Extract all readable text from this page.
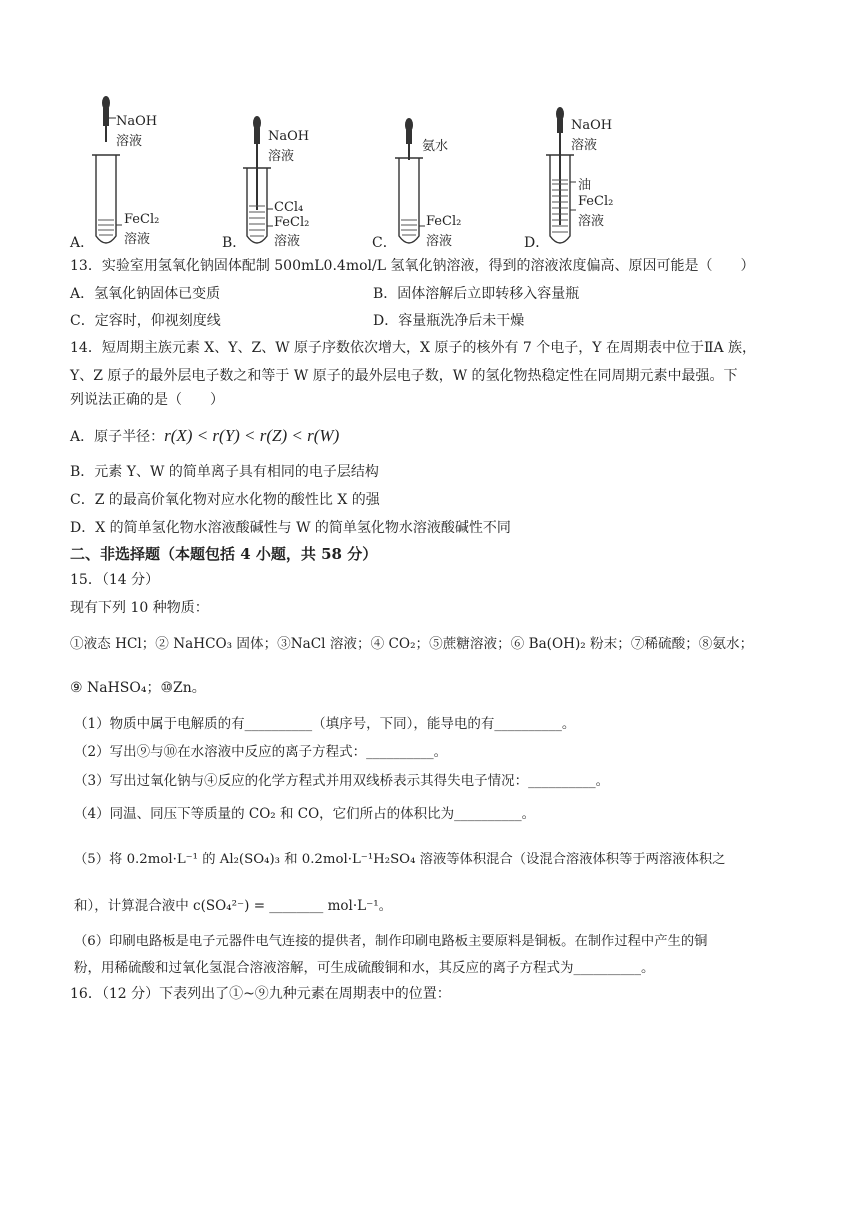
NaOH
溶液
FeCl₂
溶液
NaOH
溶液
CCl₄
FeCl₂
溶液
氨水
FeCl₂
溶液
NaOH
溶液
油
FeCl₂
溶液
A．	B．	C．	D．
13．实验室用氢氧化钠固体配制 500mL0.4mol/L 氢氧化钠溶液，得到的溶液浓度偏高、原因可能是（　　）
A．氢氧化钠固体已变质	B．固体溶解后立即转移入容量瓶
C．定容时，仰视刻度线	D．容量瓶洗净后未干燥
14．短周期主族元素 X、Y、Z、W 原子序数依次增大，X 原子的核外有 7 个电子，Y 在周期表中位于ⅡA 族，
Y、Z 原子的最外层电子数之和等于 W 原子的最外层电子数，W 的氢化物热稳定性在同周期元素中最强。下
列说法正确的是（　　）
A．原子半径：r(X) < r(Y) < r(Z) < r(W)
B．元素 Y、W 的简单离子具有相同的电子层结构
C．Z 的最高价氧化物对应水化物的酸性比 X 的强
D．X 的简单氢化物水溶液酸碱性与 W 的简单氢化物水溶液酸碱性不同
二、非选择题（本题包括 4 小题，共 58 分）
15．（14 分）
现有下列 10 种物质：
①液态 HCl；② NaHCO₃ 固体；③NaCl 溶液；④ CO₂；⑤蔗糖溶液；⑥ Ba(OH)₂ 粉末；⑦稀硫酸；⑧氨水；
⑨ NaHSO₄；⑩Zn。
（1）物质中属于电解质的有__________（填序号，下同），能导电的有__________。
（2）写出⑨与⑩在水溶液中反应的离子方程式：__________。
（3）写出过氧化钠与④反应的化学方程式并用双线桥表示其得失电子情况：__________。
（4）同温、同压下等质量的 CO₂ 和 CO，它们所占的体积比为__________。
（5）将 0.2mol·L⁻¹ 的 Al₂(SO₄)₃ 和 0.2mol·L⁻¹H₂SO₄ 溶液等体积混合（设混合溶液体积等于两溶液体积之
和），计算混合液中 c(SO₄²⁻) = ________ mol·L⁻¹。
（6）印刷电路板是电子元器件电气连接的提供者，制作印刷电路板主要原料是铜板。在制作过程中产生的铜
粉，用稀硫酸和过氧化氢混合溶液溶解，可生成硫酸铜和水，其反应的离子方程式为__________。
16．（12 分）下表列出了①~⑨九种元素在周期表中的位置：
